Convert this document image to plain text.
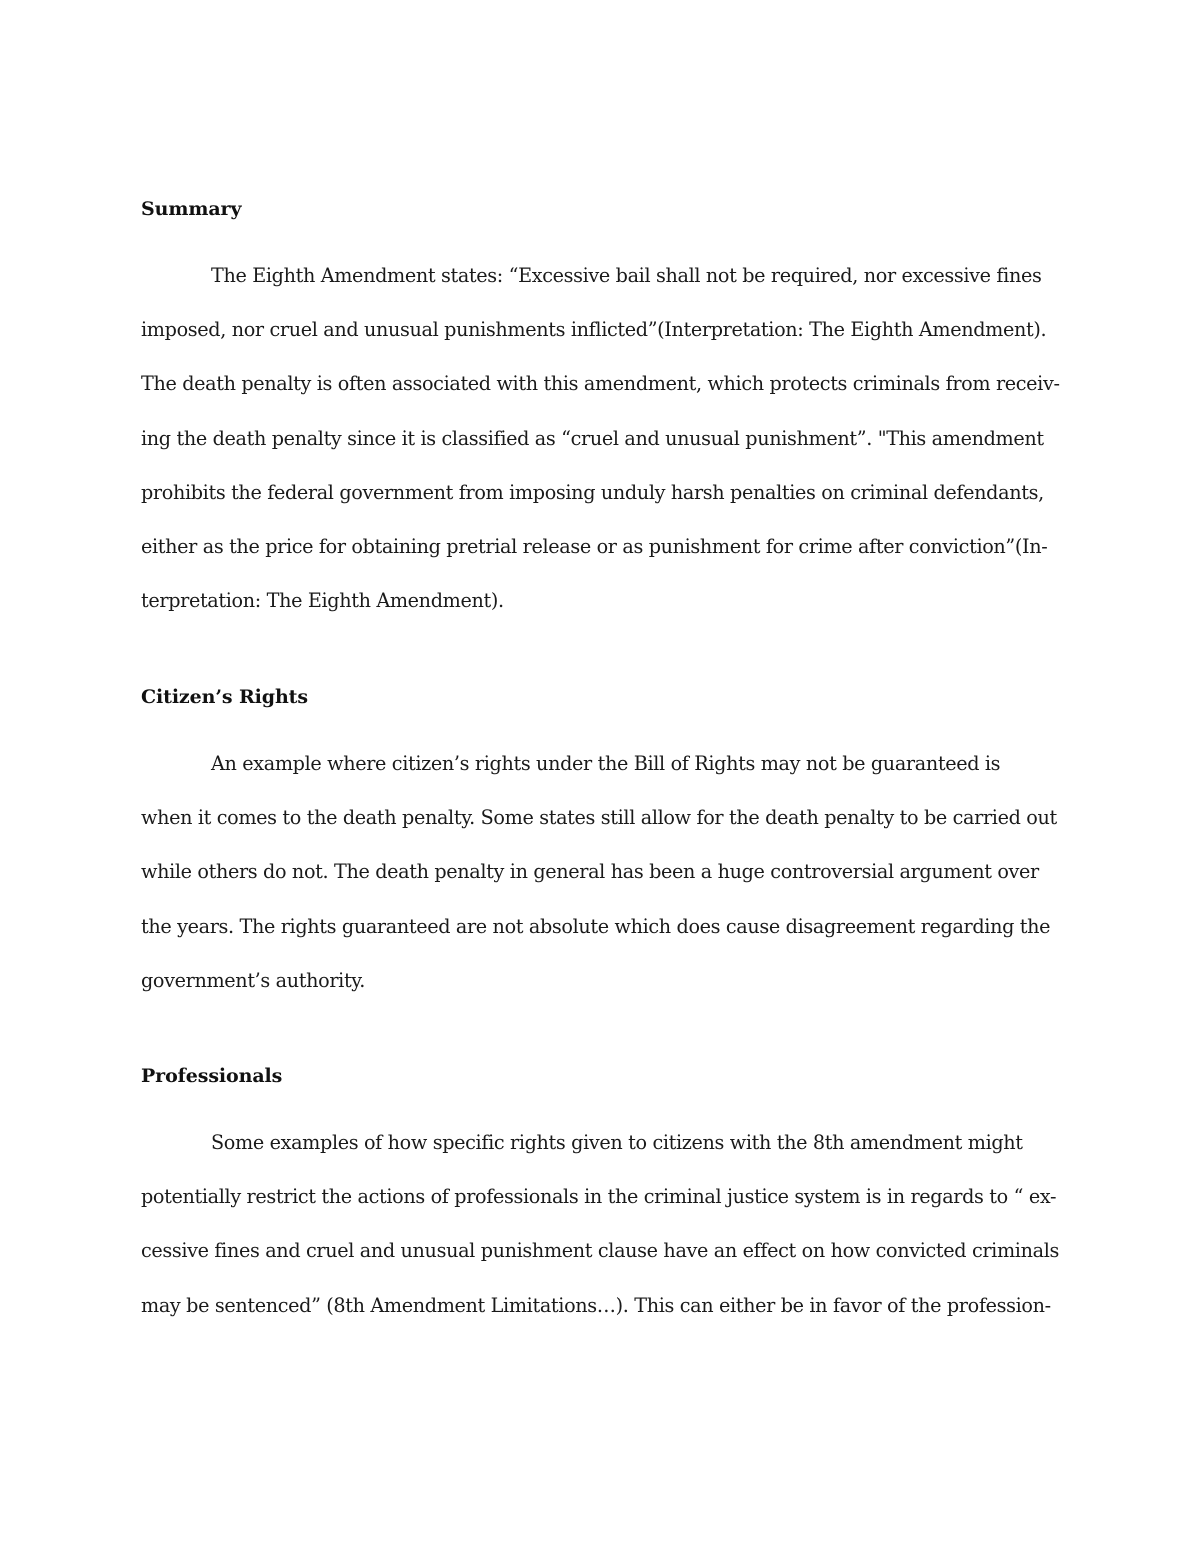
Summary
The Eighth Amendment states: “Excessive bail shall not be required, nor excessive fines
imposed, nor cruel and unusual punishments inflicted”(Interpretation: The Eighth Amendment).
The death penalty is often associated with this amendment, which protects criminals from receiv-
ing the death penalty since it is classified as “cruel and unusual punishment”. "This amendment
prohibits the federal government from imposing unduly harsh penalties on criminal defendants,
either as the price for obtaining pretrial release or as punishment for crime after conviction”(In-
terpretation: The Eighth Amendment).
Citizen’s Rights
An example where citizen’s rights under the Bill of Rights may not be guaranteed is
when it comes to the death penalty. Some states still allow for the death penalty to be carried out
while others do not. The death penalty in general has been a huge controversial argument over
the years. The rights guaranteed are not absolute which does cause disagreement regarding the
government’s authority.
Professionals
Some examples of how specific rights given to citizens with the 8th amendment might
potentially restrict the actions of professionals in the criminal justice system is in regards to “ ex-
cessive fines and cruel and unusual punishment clause have an effect on how convicted criminals
may be sentenced” (8th Amendment Limitations…). This can either be in favor of the profession-
